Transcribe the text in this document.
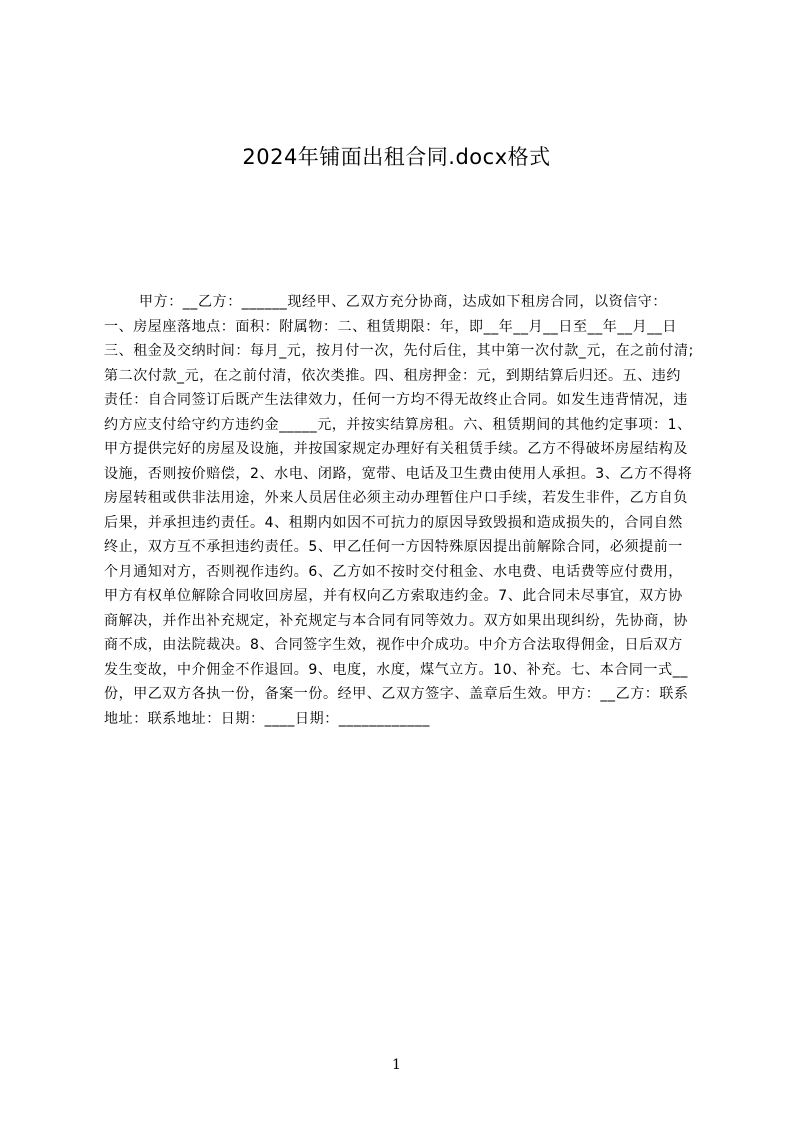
2024年铺面出租合同.docx格式

甲方：__乙方：______现经甲、乙双方充分协商，达成如下租房合同，以资信守：一、房屋座落地点：面积：附属物：二、租赁期限：年，即__年__月__日至__年__月__日三、租金及交纳时间：每月_元，按月付一次，先付后住，其中第一次付款_元，在之前付清;第二次付款_元，在之前付清，依次类推。四、租房押金：元，到期结算后归还。五、违约责任：自合同签订后既产生法律效力，任何一方均不得无故终止合同。如发生违背情况，违约方应支付给守约方违约金_____元，并按实结算房租。六、租赁期间的其他约定事项：1、甲方提供完好的房屋及设施，并按国家规定办理好有关租赁手续。乙方不得破坏房屋结构及设施，否则按价赔偿，2、水电、闭路，宽带、电话及卫生费由使用人承担。3、乙方不得将房屋转租或供非法用途，外来人员居住必须主动办理暂住户口手续，若发生非件，乙方自负后果，并承担违约责任。4、租期内如因不可抗力的原因导致毁损和造成损失的，合同自然终止，双方互不承担违约责任。5、甲乙任何一方因特殊原因提出前解除合同，必须提前一个月通知对方，否则视作违约。6、乙方如不按时交付租金、水电费、电话费等应付费用，甲方有权单位解除合同收回房屋，并有权向乙方索取违约金。7、此合同未尽事宜，双方协商解决，并作出补充规定，补充规定与本合同有同等效力。双方如果出现纠纷，先协商，协商不成，由法院裁决。8、合同签字生效，视作中介成功。中介方合法取得佣金，日后双方发生变故，中介佣金不作退回。9、电度，水度，煤气立方。10、补充。七、本合同一式__份，甲乙双方各执一份，备案一份。经甲、乙双方签字、盖章后生效。甲方：__乙方：联系地址：联系地址：日期：____日期：____________

1
